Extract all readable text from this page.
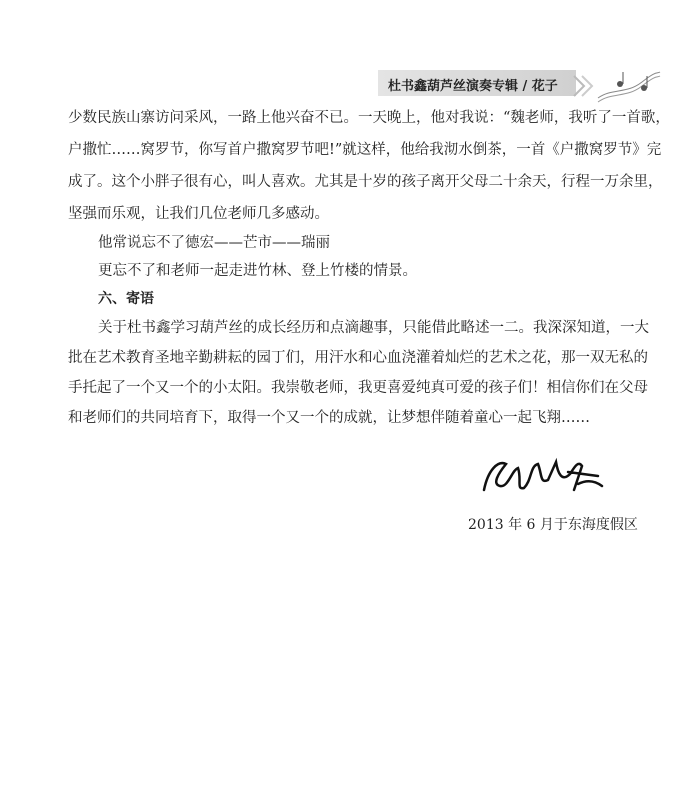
杜书鑫葫芦丝演奏专辑 / 花子
少数民族山寨访问采风，一路上他兴奋不已。一天晚上，他对我说：“魏老师，我听了一首歌，
户撒忙……窝罗节，你写首户撒窝罗节吧!”就这样，他给我沏水倒茶，一首《户撒窝罗节》完
成了。这个小胖子很有心，叫人喜欢。尤其是十岁的孩子离开父母二十余天，行程一万余里，
坚强而乐观，让我们几位老师几多感动。
他常说忘不了德宏——芒市——瑞丽
更忘不了和老师一起走进竹林、登上竹楼的情景。
六、寄语
关于杜书鑫学习葫芦丝的成长经历和点滴趣事，只能借此略述一二。我深深知道，一大
批在艺术教育圣地辛勤耕耘的园丁们，用汗水和心血浇灌着灿烂的艺术之花，那一双无私的
手托起了一个又一个的小太阳。我崇敬老师，我更喜爱纯真可爱的孩子们！相信你们在父母
和老师们的共同培育下，取得一个又一个的成就，让梦想伴随着童心一起飞翔……
2013 年 6 月于东海度假区
